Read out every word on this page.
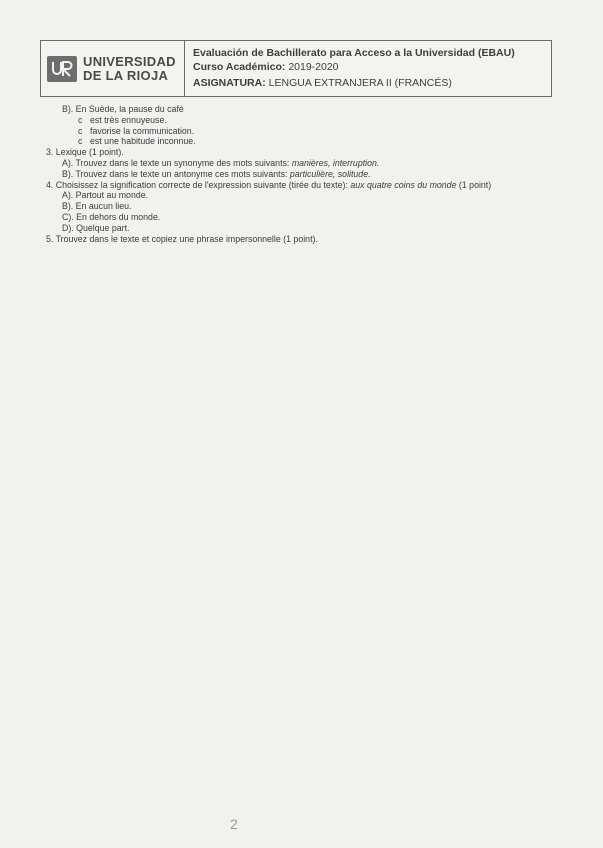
UNIVERSIDAD
DE LA RIOJA
Evaluación de Bachillerato para Acceso a la Universidad (EBAU)
Curso Académico: 2019-2020
ASIGNATURA: LENGUA EXTRANJERA II (FRANCÉS)
B). En Suède, la pause du café
c est très ennuyeuse.
c favorise la communication.
c est une habitude inconnue.
3. Lexique (1 point).
A). Trouvez dans le texte un synonyme des mots suivants: manières, interruption.
B). Trouvez dans le texte un antonyme ces mots suivants: particulière, solitude.
4. Choisissez la signification correcte de l'expression suivante (tirée du texte): aux quatre coins du monde (1 point)
A). Partout au monde.
B). En aucun lieu.
C). En dehors du monde.
D). Quelque part.
5. Trouvez dans le texte et copiez une phrase impersonnelle (1 point).
2
